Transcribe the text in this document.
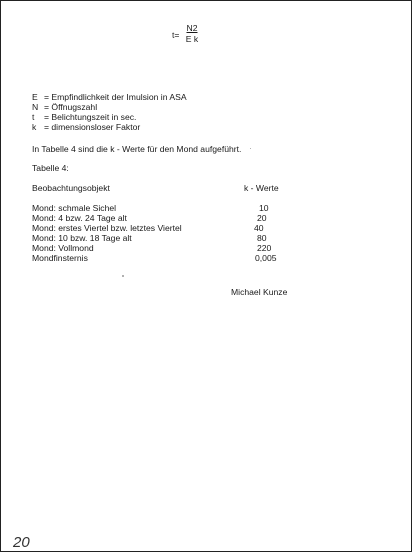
$t= \frac{N2}{\text{E k}}$
E = Empfindlichkeit der Imulsion in ASA
N = Öffnugszahl
t = Belichtungszeit in sec.
k = dimensionsloser Faktor
In Tabelle 4 sind die k - Werte für den Mond aufgeführt.
Tabelle 4:
Beobachtungsobjekt	k - Werte
Mond: schmale Sichel	10
Mond: 4 bzw. 24 Tage alt	20
Mond: erstes Viertel bzw. letztes Viertel	40
Mond: 10 bzw. 18 Tage alt	80
Mond: Vollmond	220
Mondfinsternis	0,005
Michael Kunze
20
